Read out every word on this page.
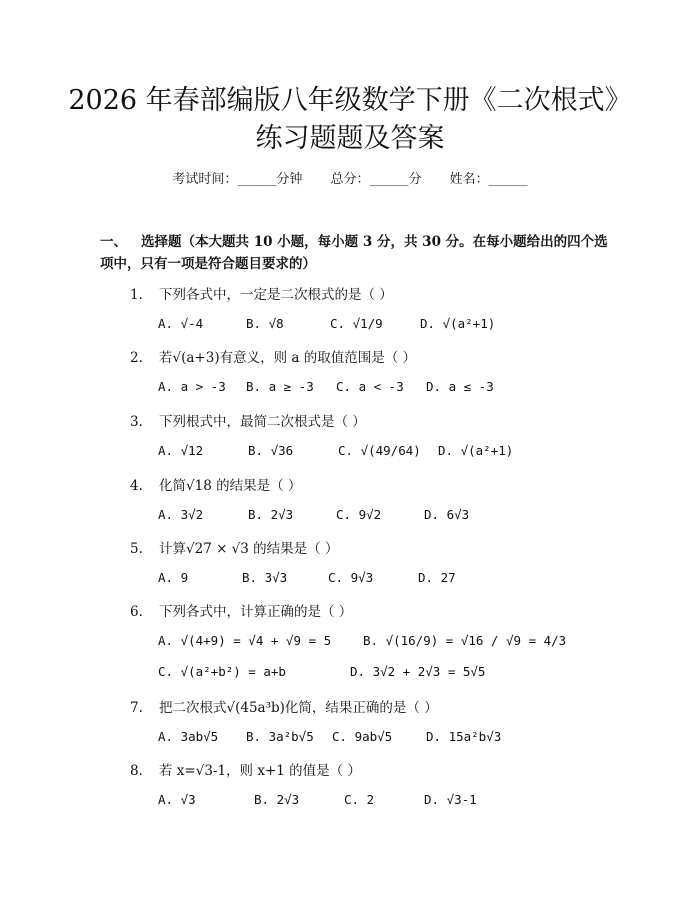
2026 年春部编版八年级数学下册《二次根式》练习题题及答案
考试时间：______分钟 总分：______分 姓名：______

一、 选择题（本大题共 10 小题，每小题 3 分，共 30 分。在每小题给出的四个选项中，只有一项是符合题目要求的）

1. 下列各式中，一定是二次根式的是（ ）
A. √-4	B. √8	C. √1/9	D. √(a²+1)
2. 若√(a+3)有意义，则 a 的取值范围是（ ）
A. a > -3 B. a ≥ -3 C. a < -3 D. a ≤ -3
3. 下列根式中，最简二次根式是（ ）
A. √12	B. √36	C. √(49/64) D. √(a²+1)
4. 化简√18 的结果是（ ）
A. 3√2	B. 2√3	C. 9√2	D. 6√3
5. 计算√27 × √3 的结果是（ ）
A. 9	B. 3√3	C. 9√3	D. 27
6. 下列各式中，计算正确的是（ ）
A. √(4+9) = √4 + √9 = 5	B. √(16/9) = √16 / √9 = 4/3
C. √(a²+b²) = a+b	D. 3√2 + 2√3 = 5√5
7. 把二次根式√(45a³b)化简，结果正确的是（ ）
A. 3ab√5 B. 3a²b√5 C. 9ab√5	D. 15a²b√3
8. 若 x=√3-1，则 x+1 的值是（ ）
A. √3	B. 2√3	C. 2	D. √3-1
